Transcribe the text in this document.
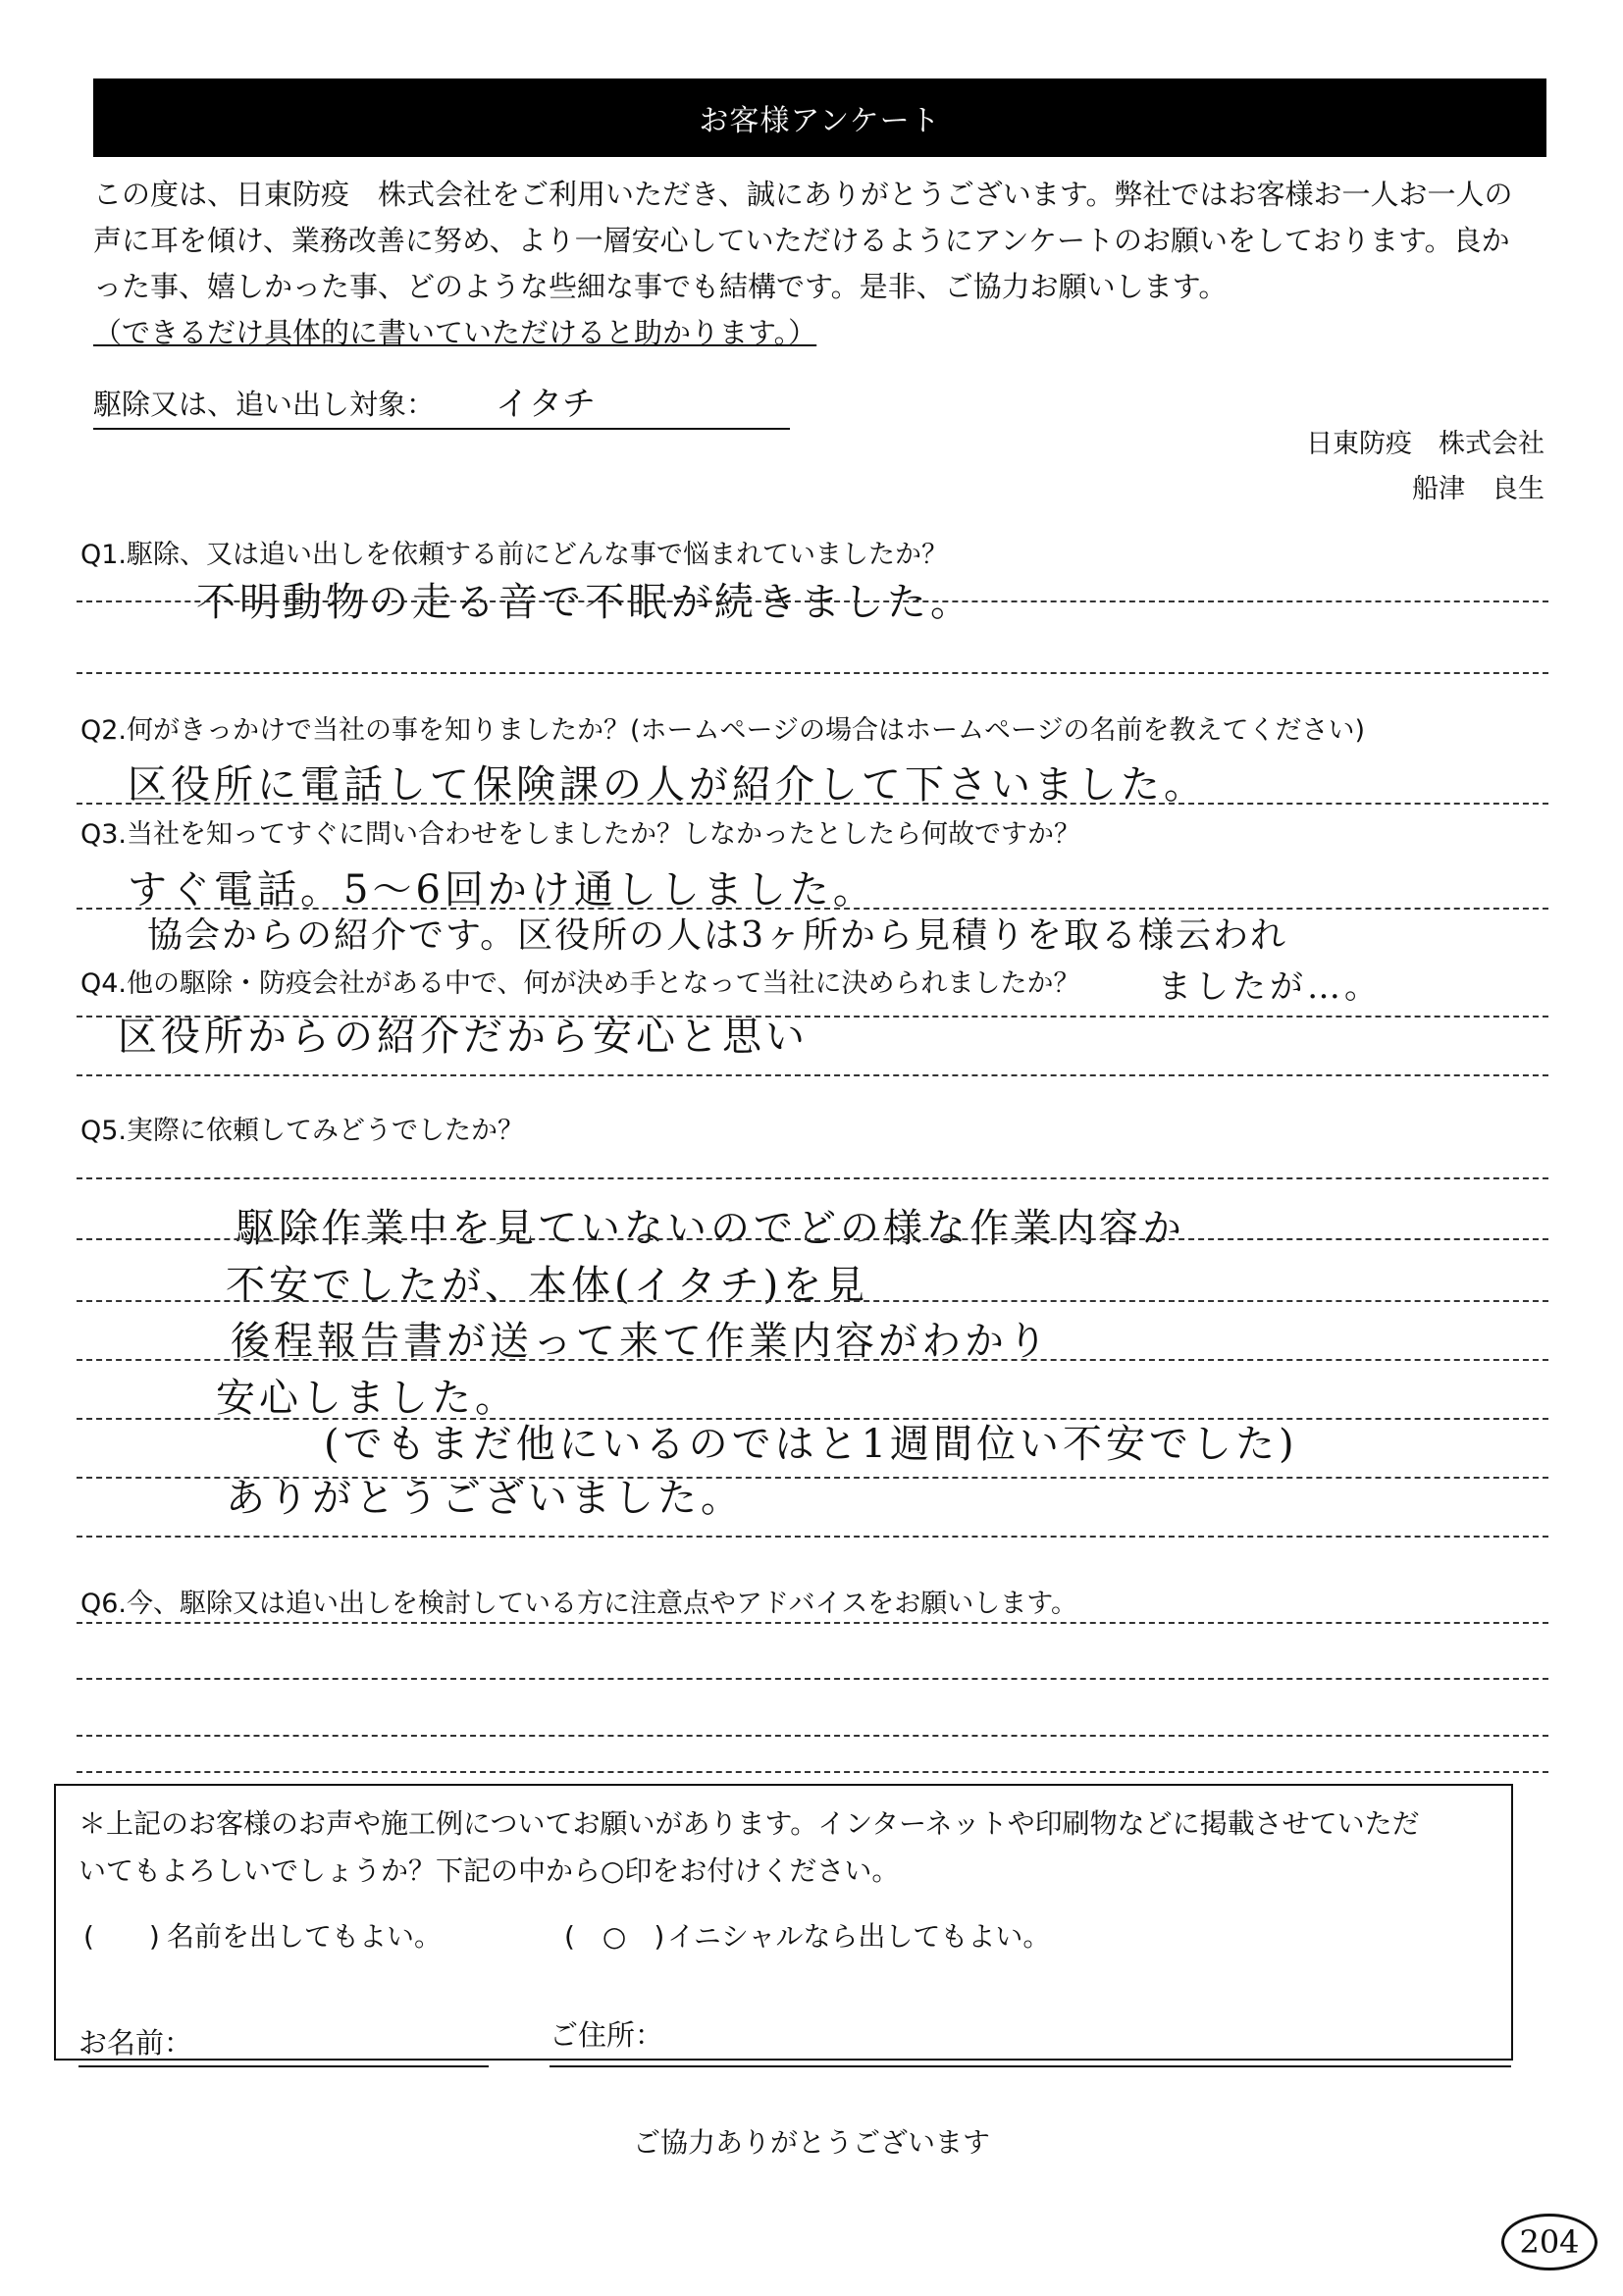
お客様アンケート

この度は、日東防疫　株式会社をご利用いただき、誠にありがとうございます。弊社ではお客様お一人お一人の

声に耳を傾け、業務改善に努め、より一層安心していただけるようにアンケートのお願いをしております。良か

った事、嬉しかった事、どのような些細な事でも結構です。是非、ご協力お願いします。

（できるだけ具体的に書いていただけると助かります。）

駆除又は、追い出し対象： イタチ
日東防疫　株式会社
船津　良生
Q1.駆除、又は追い出しを依頼する前にどんな事で悩まれていましたか？
不明動物の走る音で不眠が続きました。
Q2.何がきっかけで当社の事を知りましたか？(ホームページの場合はホームページの名前を教えてください)
区役所に電話して保険課の人が紹介して下さいました。
Q3.当社を知ってすぐに問い合わせをしましたか？しなかったとしたら何故ですか？
すぐ電話。5～6回かけ通ししました。
協会からの紹介です。区役所の人は3ヶ所から見積りを取る様云われ
ましたが…。
Q4.他の駆除・防疫会社がある中で、何が決め手となって当社に決められましたか？
区役所からの紹介だから安心と思い
Q5.実際に依頼してみどうでしたか？
駆除作業中を見ていないのでどの様な作業内容か
不安でしたが、本体(イタチ)を見
後程報告書が送って来て作業内容がわかり
安心しました。
(でもまだ他にいるのではと1週間位い不安でした)
ありがとうございました。
Q6.今、駆除又は追い出しを検討している方に注意点やアドバイスをお願いします。

＊上記のお客様のお声や施工例についてお願いがあります。インターネットや印刷物などに掲載させていただ

いてもよろしいでしょうか？下記の中から○印をお付けください。

(　　) 名前を出してもよい。	(　○　) イニシャルなら出してもよい。
お名前：	ご住所：
ご協力ありがとうございます
204
